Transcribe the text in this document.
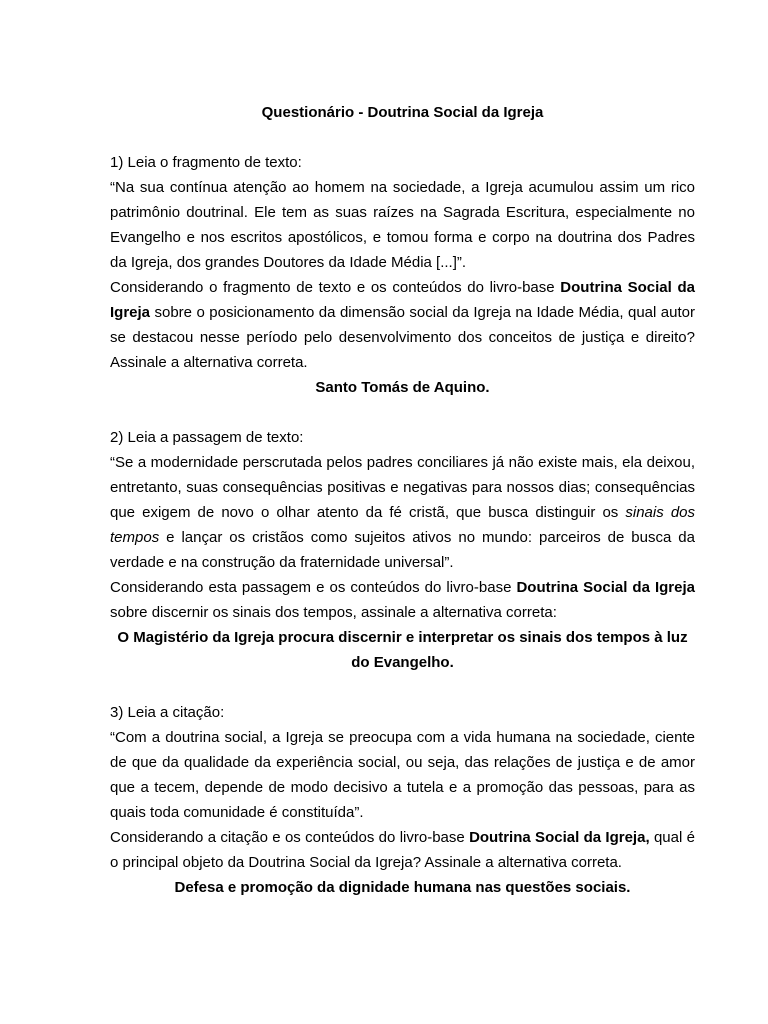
Questionário - Doutrina Social da Igreja

1) Leia o fragmento de texto:

“Na sua contínua atenção ao homem na sociedade, a Igreja acumulou assim um rico patrimônio doutrinal. Ele tem as suas raízes na Sagrada Escritura, especialmente no Evangelho e nos escritos apostólicos, e tomou forma e corpo na doutrina dos Padres da Igreja, dos grandes Doutores da Idade Média [...]”.

Considerando o fragmento de texto e os conteúdos do livro-base Doutrina Social da Igreja sobre o posicionamento da dimensão social da Igreja na Idade Média, qual autor se destacou nesse período pelo desenvolvimento dos conceitos de justiça e direito? Assinale a alternativa correta.

Santo Tomás de Aquino.

2) Leia a passagem de texto:

“Se a modernidade perscrutada pelos padres conciliares já não existe mais, ela deixou, entretanto, suas consequências positivas e negativas para nossos dias; consequências que exigem de novo o olhar atento da fé cristã, que busca distinguir os sinais dos tempos e lançar os cristãos como sujeitos ativos no mundo: parceiros de busca da verdade e na construção da fraternidade universal”.

Considerando esta passagem e os conteúdos do livro-base Doutrina Social da Igreja sobre discernir os sinais dos tempos, assinale a alternativa correta:

O Magistério da Igreja procura discernir e interpretar os sinais dos tempos à luz do Evangelho.

3) Leia a citação:

“Com a doutrina social, a Igreja se preocupa com a vida humana na sociedade, ciente de que da qualidade da experiência social, ou seja, das relações de justiça e de amor que a tecem, depende de modo decisivo a tutela e a promoção das pessoas, para as quais toda comunidade é constituída”.

Considerando a citação e os conteúdos do livro-base Doutrina Social da Igreja, qual é o principal objeto da Doutrina Social da Igreja? Assinale a alternativa correta.

Defesa e promoção da dignidade humana nas questões sociais.
